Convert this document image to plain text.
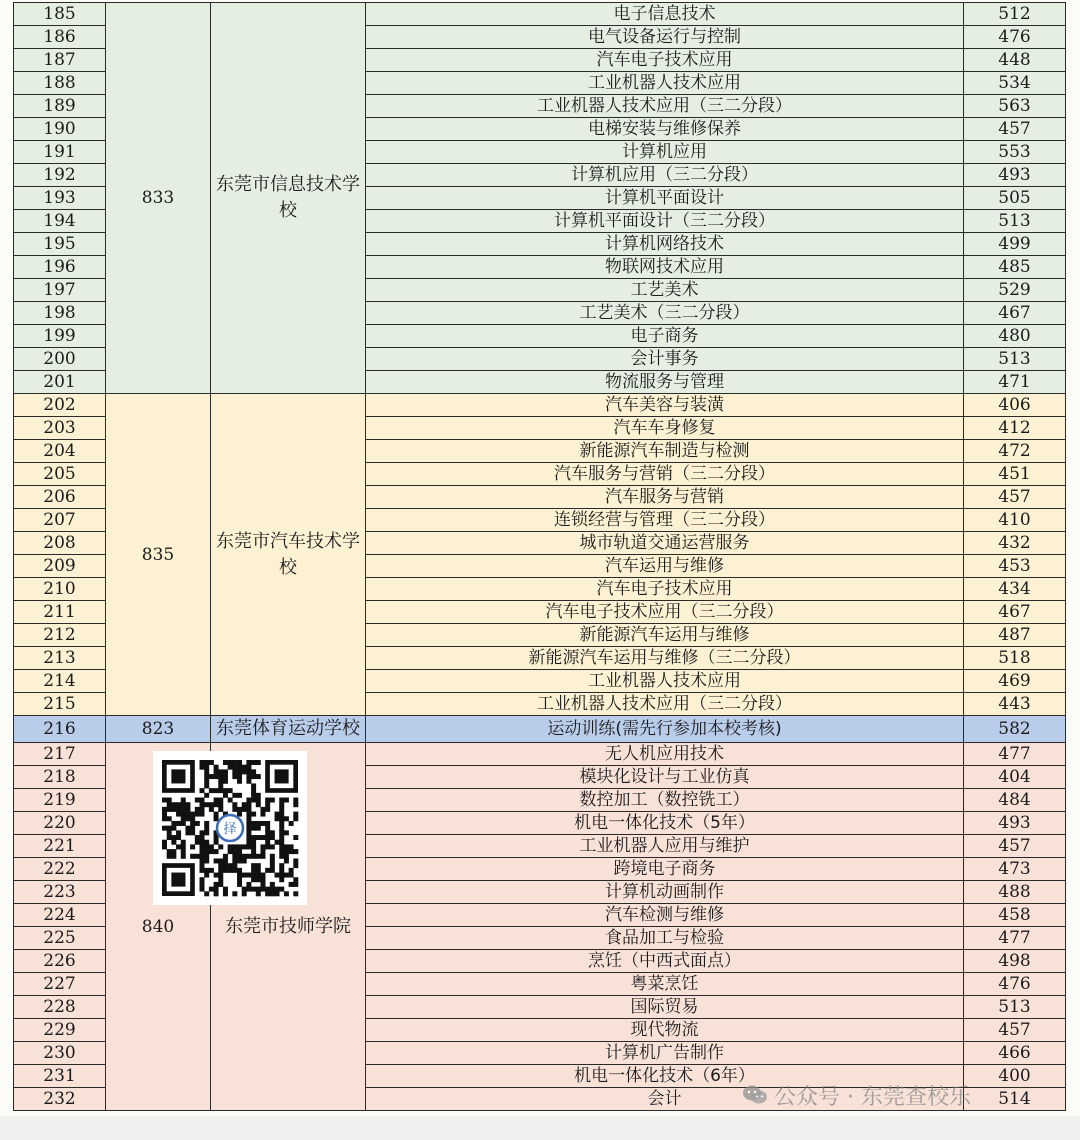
185	833	东莞市信息技术学校	电子信息技术	512
186			电气设备运行与控制	476
187			汽车电子技术应用	448
188			工业机器人技术应用	534
189			工业机器人技术应用（三二分段）	563
190			电梯安装与维修保养	457
191			计算机应用	553
192			计算机应用（三二分段）	493
193			计算机平面设计	505
194			计算机平面设计（三二分段）	513
195			计算机网络技术	499
196			物联网技术应用	485
197			工艺美术	529
198			工艺美术（三二分段）	467
199			电子商务	480
200			会计事务	513
201			物流服务与管理	471
202	835	东莞市汽车技术学校	汽车美容与装潢	406
203			汽车车身修复	412
204			新能源汽车制造与检测	472
205			汽车服务与营销（三二分段）	451
206			汽车服务与营销	457
207			连锁经营与管理（三二分段）	410
208			城市轨道交通运营服务	432
209			汽车运用与维修	453
210			汽车电子技术应用	434
211			汽车电子技术应用（三二分段）	467
212			新能源汽车运用与维修	487
213			新能源汽车运用与维修（三二分段）	518
214			工业机器人技术应用	469
215			工业机器人技术应用（三二分段）	443
216	823	东莞体育运动学校	运动训练(需先行参加本校考核)	582
217	840	东莞市技师学院	无人机应用技术	477
218			模块化设计与工业仿真	404
219			数控加工（数控铣工）	484
220			机电一体化技术（5年）	493
221			工业机器人应用与维护	457
222			跨境电子商务	473
223			计算机动画制作	488
224			汽车检测与维修	458
225			食品加工与检验	477
226			烹饪（中西式面点）	498
227			粤菜烹饪	476
228			国际贸易	513
229			现代物流	457
230			计算机广告制作	466
231			机电一体化技术（6年）	400
232			会计	514
择
公众号 · 东莞查校乐
